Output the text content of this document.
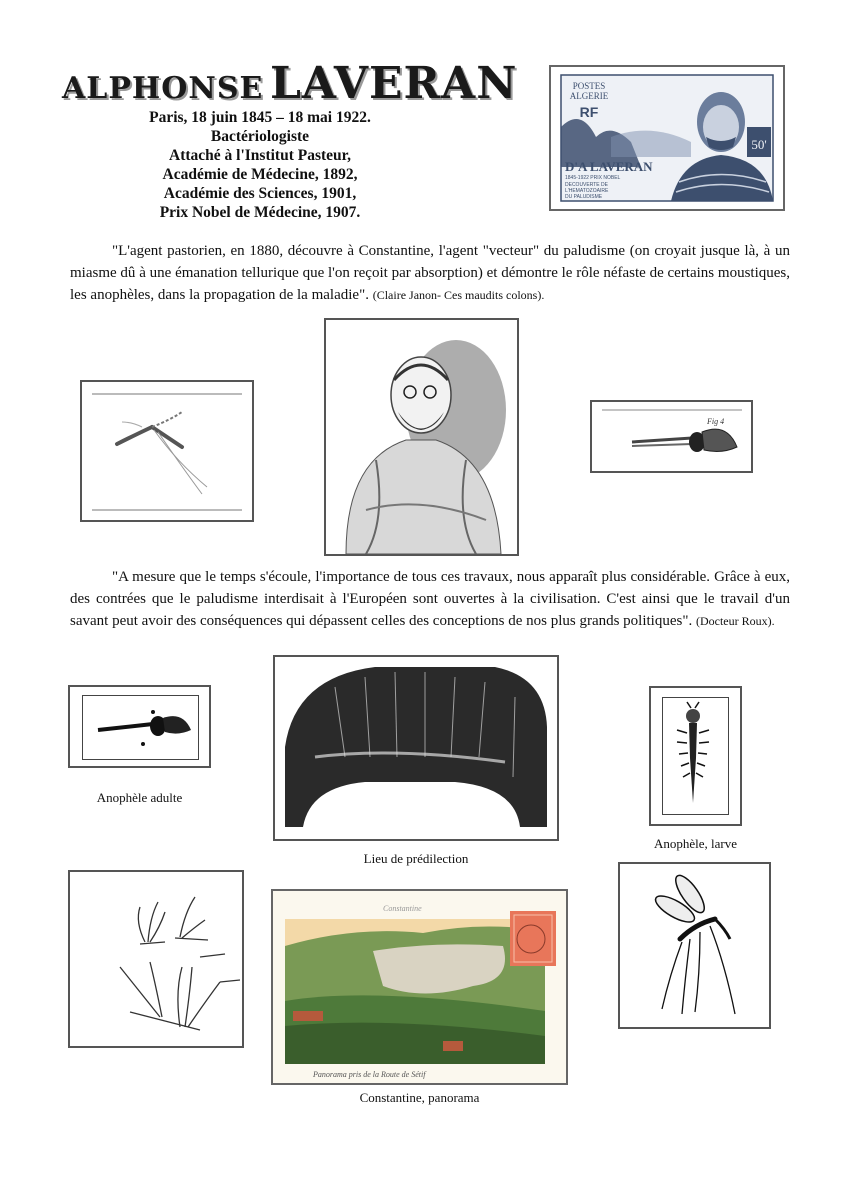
ALPHONSE LAVERAN
Paris, 18 juin 1845 – 18 mai 1922.
Bactériologiste
Attaché à l'Institut Pasteur,
Académie de Médecine, 1892,
Académie des Sciences, 1901,
Prix Nobel de Médecine, 1907.
50'
POSTES
ALGERIE
RF
D'A LAVERAN
1845-1922 PRIX NOBEL
DECOUVERTE DE
L'HEMATOZOAIRE
DU PALUDISME
"L'agent pastorien, en 1880, découvre à Constantine, l'agent "vecteur" du paludisme (on croyait jusque là, à un miasme dû à une émanation tellurique que l'on reçoit par absorption) et démontre le rôle néfaste de certains moustiques, les anophèles, dans la propagation de la maladie". (Claire Janon- Ces maudits colons).
Fig 4
"A mesure que le temps s'écoule, l'importance de tous ces travaux, nous apparaît plus considérable. Grâce à eux, des contrées que le paludisme interdisait à l'Européen sont ouvertes à la civilisation. C'est ainsi que le travail d'un savant peut avoir des conséquences qui dépassent celles des conceptions de nos plus grands politiques". (Docteur Roux).
Anophèle adulte
Lieu de prédilection
Anophèle, larve
Constantine
Panorama pris de la Route de Sétif
Constantine, panorama
